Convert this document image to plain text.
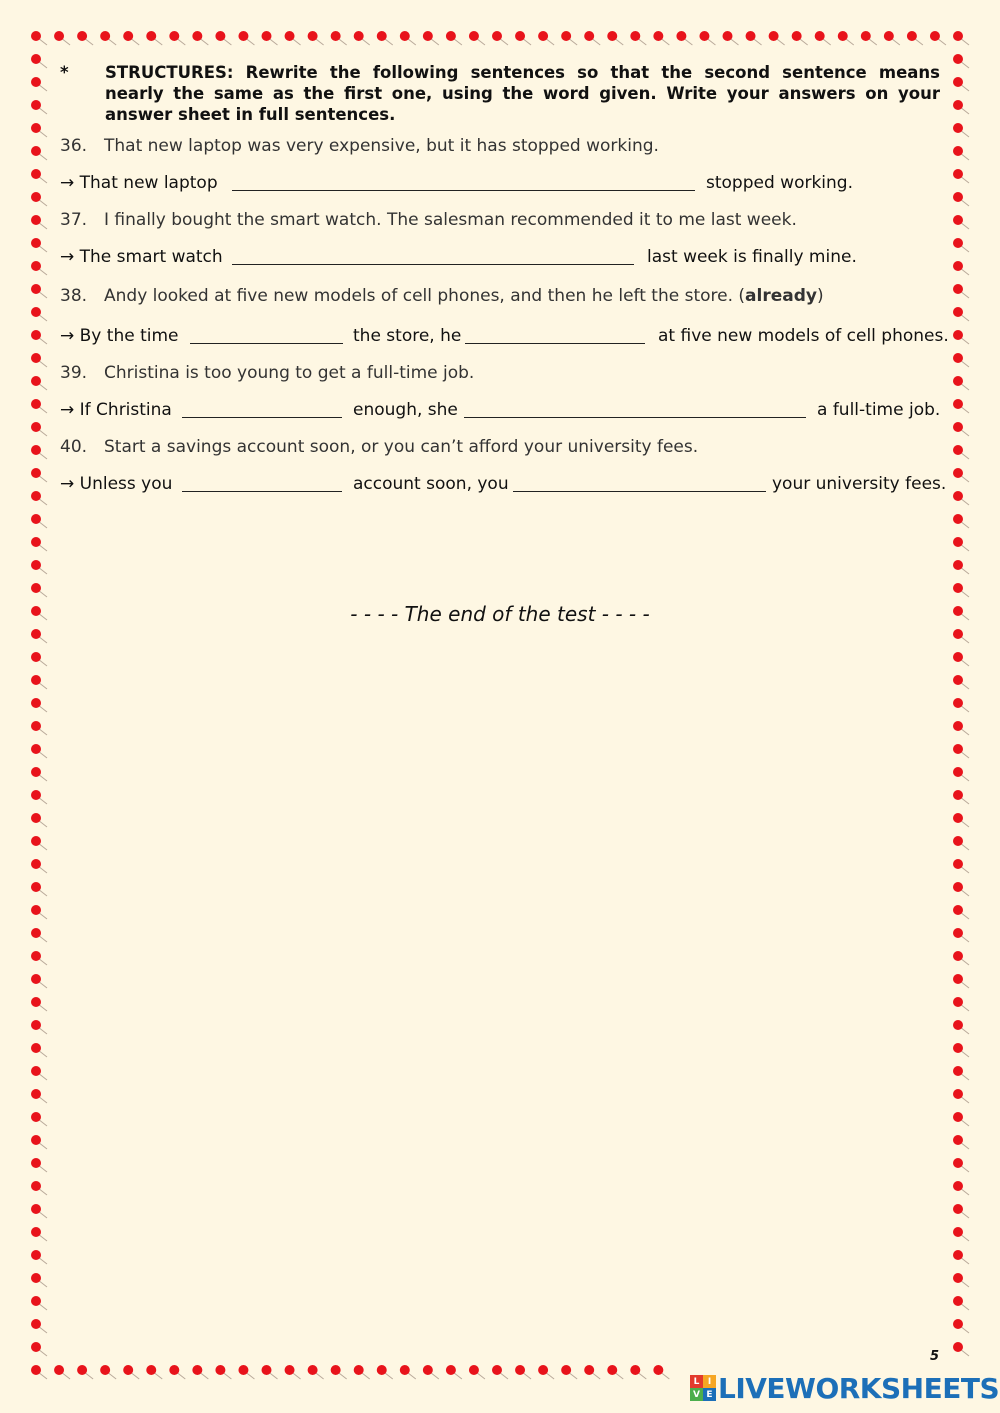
*	STRUCTURES: Rewrite the following sentences so that the second sentence means nearly the same as the first one, using the word given. Write your answers on your answer sheet in full sentences.
36. That new laptop was very expensive, but it has stopped working.
→ That new laptop	stopped working.
37. I finally bought the smart watch. The salesman recommended it to me last week.
→ The smart watch	last week is finally mine.
38. Andy looked at five new models of cell phones, and then he left the store. (already)
→ By the time	the store, he	at five new models of cell phones.
39. Christina is too young to get a full-time job.
→ If Christina	enough, she	a full-time job.
40. Start a savings account soon, or you can’t afford your university fees.
→ Unless you	account soon, you	your university fees.
- - - - The end of the test - - - -
5
L I
V E LIVEWORKSHEETS
